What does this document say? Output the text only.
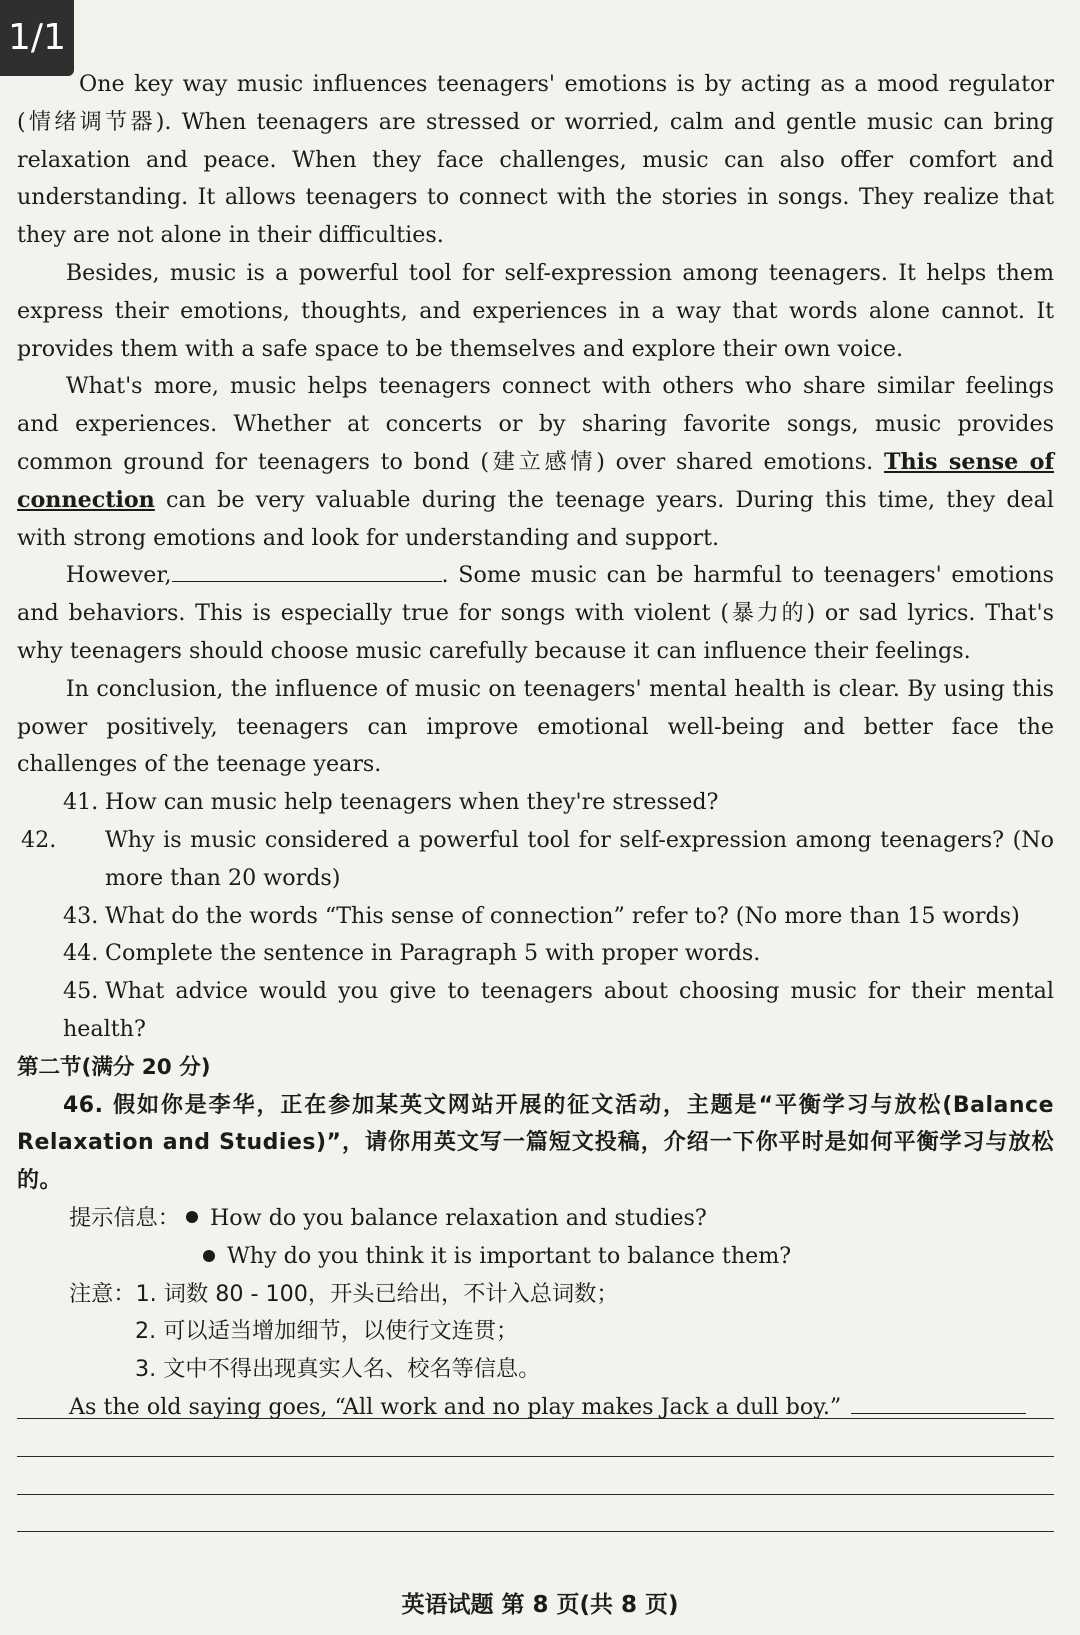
1/1

One key way music influences teenagers' emotions is by acting as a mood regulator (情绪调节器). When teenagers are stressed or worried, calm and gentle music can bring relaxation and peace. When they face challenges, music can also offer comfort and understanding. It allows teenagers to connect with the stories in songs. They realize that they are not alone in their difficulties.

Besides, music is a powerful tool for self-expression among teenagers. It helps them express their emotions, thoughts, and experiences in a way that words alone cannot. It provides them with a safe space to be themselves and explore their own voice.

What's more, music helps teenagers connect with others who share similar feelings and experiences. Whether at concerts or by sharing favorite songs, music provides common ground for teenagers to bond (建立感情) over shared emotions. This sense of connection can be very valuable during the teenage years. During this time, they deal with strong emotions and look for understanding and support.

However,	. Some music can be harmful to teenagers' emotions and behaviors. This is especially true for songs with violent (暴力的) or sad lyrics. That's why teenagers should choose music carefully because it can influence their feelings.

In conclusion, the influence of music on teenagers' mental health is clear. By using this power positively, teenagers can improve emotional well-being and better face the challenges of the teenage years.

41. How can music help teenagers when they're stressed?

42. Why is music considered a powerful tool for self-expression among teenagers? (No more than 20 words)

43. What do the words “This sense of connection” refer to? (No more than 15 words)

44. Complete the sentence in Paragraph 5 with proper words.

45. What advice would you give to teenagers about choosing music for their mental health?

第二节(满分 20 分)

46. 假如你是李华，正在参加某英文网站开展的征文活动，主题是“平衡学习与放松(Balance Relaxation and Studies)”，请你用英文写一篇短文投稿，介绍一下你平时是如何平衡学习与放松的。

提示信息： How do you balance relaxation and studies?

Why do you think it is important to balance them?

注意：1. 词数 80 - 100，开头已给出，不计入总词数；

2. 可以适当增加细节，以使行文连贯；

3. 文中不得出现真实人名、校名等信息。

As the old saying goes, “All work and no play makes Jack a dull boy.”

英语试题 第 8 页(共 8 页)
